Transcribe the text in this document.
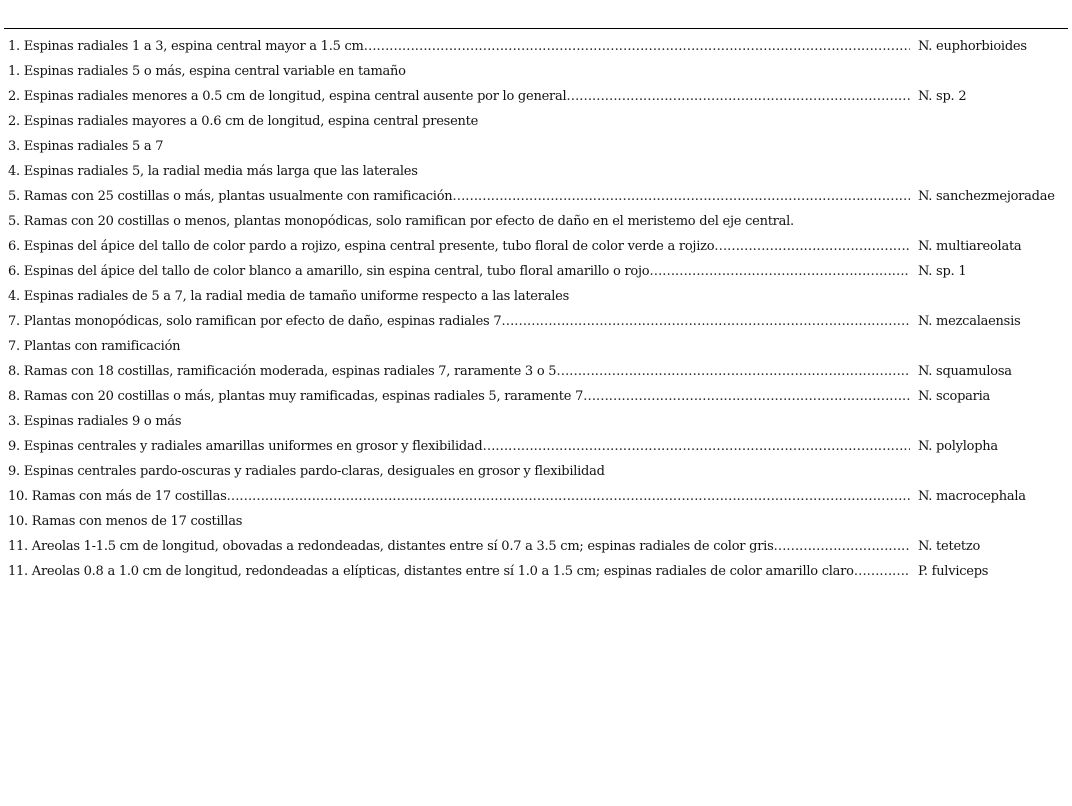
1. Espinas radiales 1 a 3, espina central mayor a 1.5 cm ………………………………………………………………………………………………………………………………………………………………………………………………………………………………	N. euphorbioides
1. Espinas radiales 5 o más, espina central variable en tamaño
2. Espinas radiales menores a 0.5 cm de longitud, espina central ausente por lo general ………………………………………………………………………………………………………………………………………………………………………………………………………………………………	N. sp. 2
2. Espinas radiales mayores a 0.6 cm de longitud, espina central presente
3. Espinas radiales 5 a 7
4. Espinas radiales 5, la radial media más larga que las laterales
5. Ramas con 25 costillas o más, plantas usualmente con ramificación ………………………………………………………………………………………………………………………………………………………………………………………………………………………………	N. sanchezmejoradae
5. Ramas con 20 costillas o menos, plantas monopódicas, solo ramifican por efecto de daño en el meristemo del eje central.
6. Espinas del ápice del tallo de color pardo a rojizo, espina central presente, tubo floral de color verde a rojizo ………………………………………………………………………………………………………………………………………………………………………………………………………………………………	N. multiareolata
6. Espinas del ápice del tallo de color blanco a amarillo, sin espina central, tubo floral amarillo o rojo ………………………………………………………………………………………………………………………………………………………………………………………………………………………………	N. sp. 1
4. Espinas radiales de 5 a 7, la radial media de tamaño uniforme respecto a las laterales
7. Plantas monopódicas, solo ramifican por efecto de daño, espinas radiales 7 ………………………………………………………………………………………………………………………………………………………………………………………………………………………………	N. mezcalaensis
7. Plantas con ramificación
8. Ramas con 18 costillas, ramificación moderada, espinas radiales 7, raramente 3 o 5 ………………………………………………………………………………………………………………………………………………………………………………………………………………………………	N. squamulosa
8. Ramas con 20 costillas o más, plantas muy ramificadas, espinas radiales 5, raramente 7 ………………………………………………………………………………………………………………………………………………………………………………………………………………………………	N. scoparia
3. Espinas radiales 9 o más
9. Espinas centrales y radiales amarillas uniformes en grosor y flexibilidad ………………………………………………………………………………………………………………………………………………………………………………………………………………………………	N. polylopha
9. Espinas centrales pardo-oscuras y radiales pardo-claras, desiguales en grosor y flexibilidad
10. Ramas con más de 17 costillas ………………………………………………………………………………………………………………………………………………………………………………………………………………………………	N. macrocephala
10. Ramas con menos de 17 costillas
11. Areolas 1-1.5 cm de longitud, obovadas a redondeadas, distantes entre sí 0.7 a 3.5 cm; espinas radiales de color gris ………………………………………………………………………………………………………………………………………………………………………………………………………………………………	N. tetetzo
11. Areolas 0.8 a 1.0 cm de longitud, redondeadas a elípticas, distantes entre sí 1.0 a 1.5 cm; espinas radiales de color amarillo claro ………………………………………………………………………………………………………………………………………………………………………………………………………………………………	P. fulviceps
